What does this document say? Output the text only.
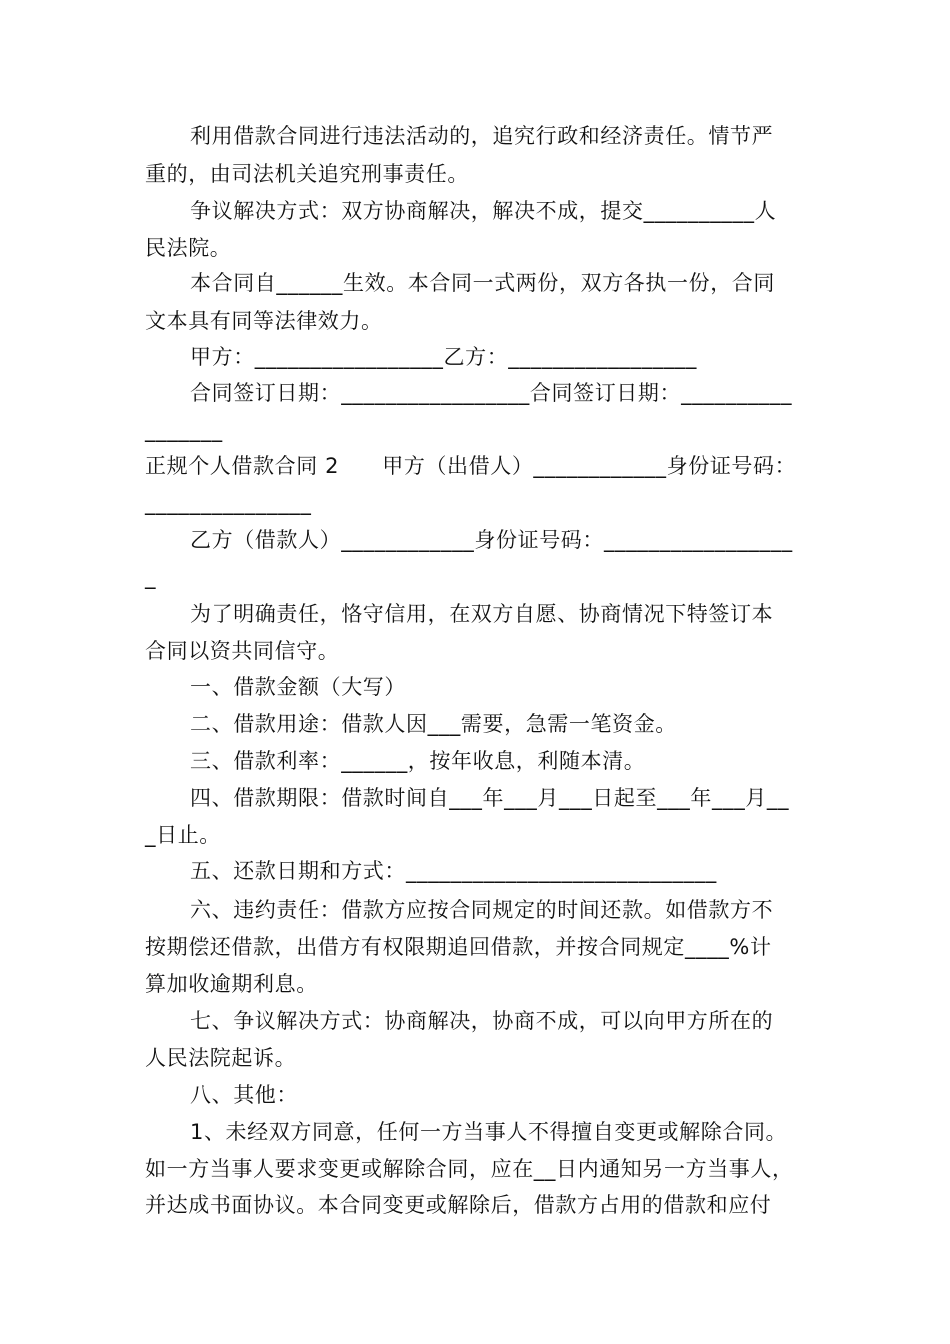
利用借款合同进行违法活动的，追究行政和经济责任。情节严
重的，由司法机关追究刑事责任。
争议解决方式：双方协商解决，解决不成，提交__________人
民法院。
本合同自______生效。本合同一式两份，双方各执一份，合同
文本具有同等法律效力。
甲方：_________________乙方：_________________
合同签订日期：_________________合同签订日期：__________
_______
正规个人借款合同 2　　甲方（出借人）____________身份证号码：
_______________
乙方（借款人）____________身份证号码：_________________
_
为了明确责任，恪守信用，在双方自愿、协商情况下特签订本
合同以资共同信守。
一、借款金额（大写）
二、借款用途：借款人因___需要，急需一笔资金。
三、借款利率：______，按年收息，利随本清。
四、借款期限：借款时间自___年___月___日起至___年___月__
_日止。
五、还款日期和方式：____________________________
六、违约责任：借款方应按合同规定的时间还款。如借款方不
按期偿还借款，出借方有权限期追回借款，并按合同规定____%计
算加收逾期利息。
七、争议解决方式：协商解决，协商不成，可以向甲方所在的
人民法院起诉。
八、其他：
1、未经双方同意，任何一方当事人不得擅自变更或解除合同。
如一方当事人要求变更或解除合同，应在__日内通知另一方当事人，
并达成书面协议。本合同变更或解除后，借款方占用的借款和应付
